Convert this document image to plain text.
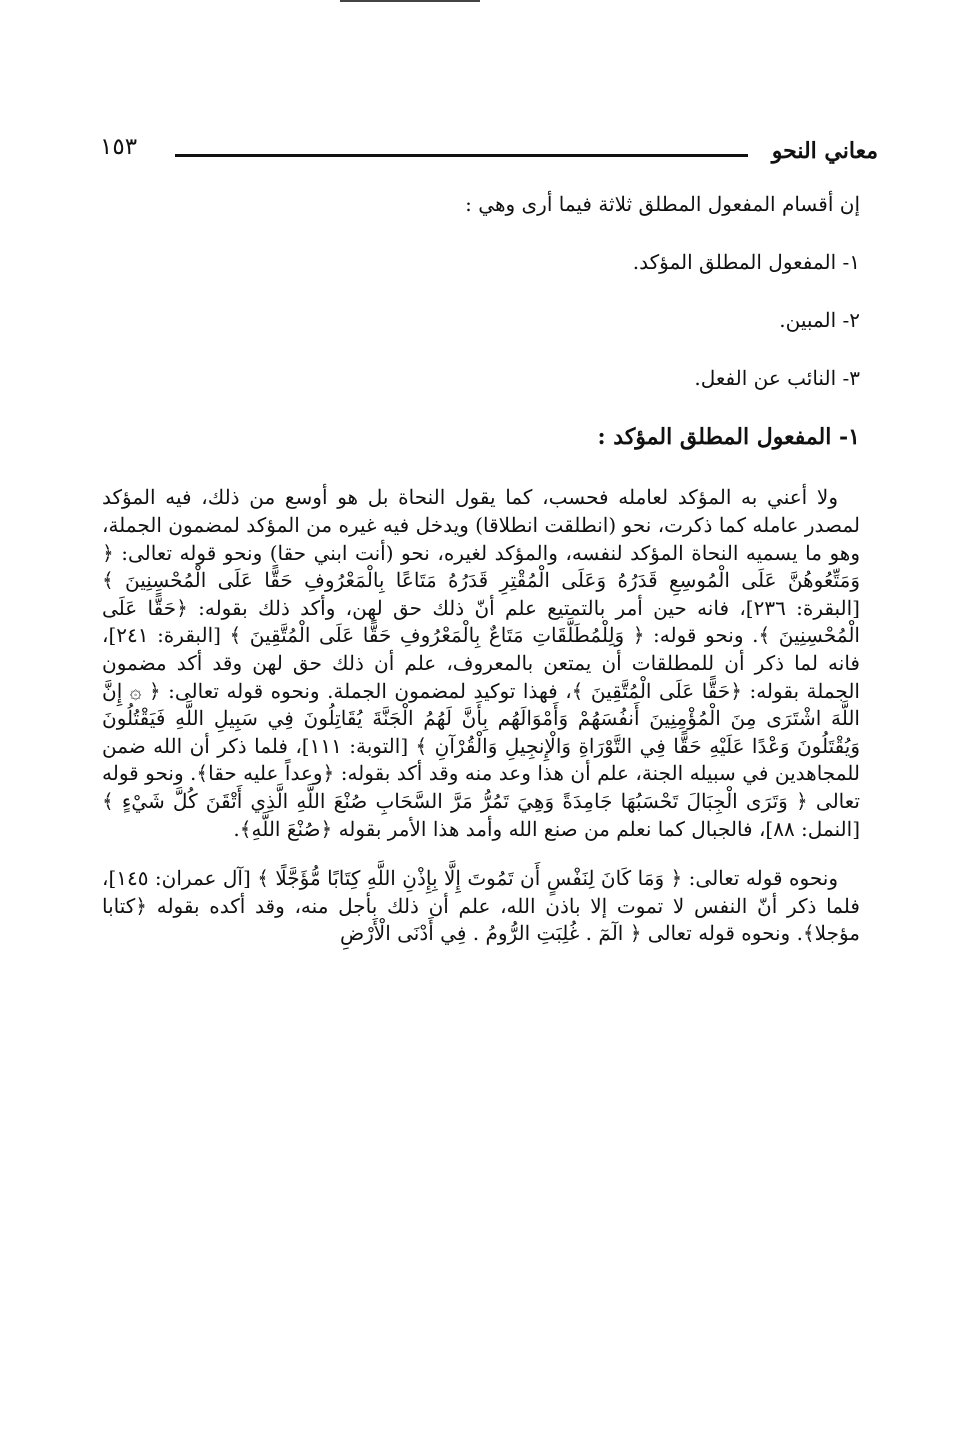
معاني النحو
١٥٣

إن أقسام المفعول المطلق ثلاثة فيما أرى وهي :

١- المفعول المطلق المؤكد.

٢- المبين.

٣- النائب عن الفعل.

١- المفعول المطلق المؤكد :

ولا أعني به المؤكد لعامله فحسب، كما يقول النحاة بل هو أوسع من ذلك، فيه المؤكد لمصدر عامله كما ذكرت، نحو (انطلقت انطلاقا) ويدخل فيه غيره من المؤكد لمضمون الجملة، وهو ما يسميه النحاة المؤكد لنفسه، والمؤكد لغيره، نحو (أنت ابني حقا) ونحو قوله تعالى: ﴿ وَمَتِّعُوهُنَّ عَلَى الْمُوسِعِ قَدَرُهُ وَعَلَى الْمُقْتِرِ قَدَرُهُ مَتَاعًا بِالْمَعْرُوفِ حَقًّا عَلَى الْمُحْسِنِينَ ﴾ [البقرة: ٢٣٦]، فانه حين أمر بالتمتيع علم أنّ ذلك حق لهن، وأكد ذلك بقوله: ﴿حَقًّا عَلَى الْمُحْسِنِينَ ﴾. ونحو قوله: ﴿ وَلِلْمُطَلَّقَاتِ مَتَاعٌ بِالْمَعْرُوفِ حَقًّا عَلَى الْمُتَّقِينَ ﴾ [البقرة: ٢٤١]، فانه لما ذكر أن للمطلقات أن يمتعن بالمعروف، علم أن ذلك حق لهن وقد أكد مضمون الجملة بقوله: ﴿حَقًّا عَلَى الْمُتَّقِينَ ﴾، فهذا توكيد لمضمون الجملة. ونحوه قوله تعالى: ﴿ ۞ إِنَّ اللَّهَ اشْتَرَى مِنَ الْمُؤْمِنِينَ أَنفُسَهُمْ وَأَمْوَالَهُم بِأَنَّ لَهُمُ الْجَنَّةَ يُقَاتِلُونَ فِي سَبِيلِ اللَّهِ فَيَقْتُلُونَ وَيُقْتَلُونَ وَعْدًا عَلَيْهِ حَقًّا فِي التَّوْرَاةِ وَالْإِنجِيلِ وَالْقُرْآنِ ﴾ [التوبة: ١١١]، فلما ذكر أن الله ضمن للمجاهدين في سبيله الجنة، علم أن هذا وعد منه وقد أكد بقوله: ﴿وعداً عليه حقا﴾. ونحو قوله تعالى ﴿ وَتَرَى الْجِبَالَ تَحْسَبُهَا جَامِدَةً وَهِيَ تَمُرُّ مَرَّ السَّحَابِ صُنْعَ اللَّهِ الَّذِي أَتْقَنَ كُلَّ شَيْءٍ ﴾ [النمل: ٨٨]، فالجبال كما نعلم من صنع الله وأمد هذا الأمر بقوله ﴿صُنْعَ اللَّهِ﴾.

ونحوه قوله تعالى: ﴿ وَمَا كَانَ لِنَفْسٍ أَن تَمُوتَ إِلَّا بِإِذْنِ اللَّهِ كِتَابًا مُّؤَجَّلًا ﴾ [آل عمران: ١٤٥]، فلما ذكر أنّ النفس لا تموت إلا باذن الله، علم أن ذلك بأجل منه، وقد أكده بقوله ﴿كتابا مؤجلا﴾. ونحوه قوله تعالى ﴿ الٓمٓ . غُلِبَتِ الرُّومُ . فِي أَدْنَى الْأَرْضِ
